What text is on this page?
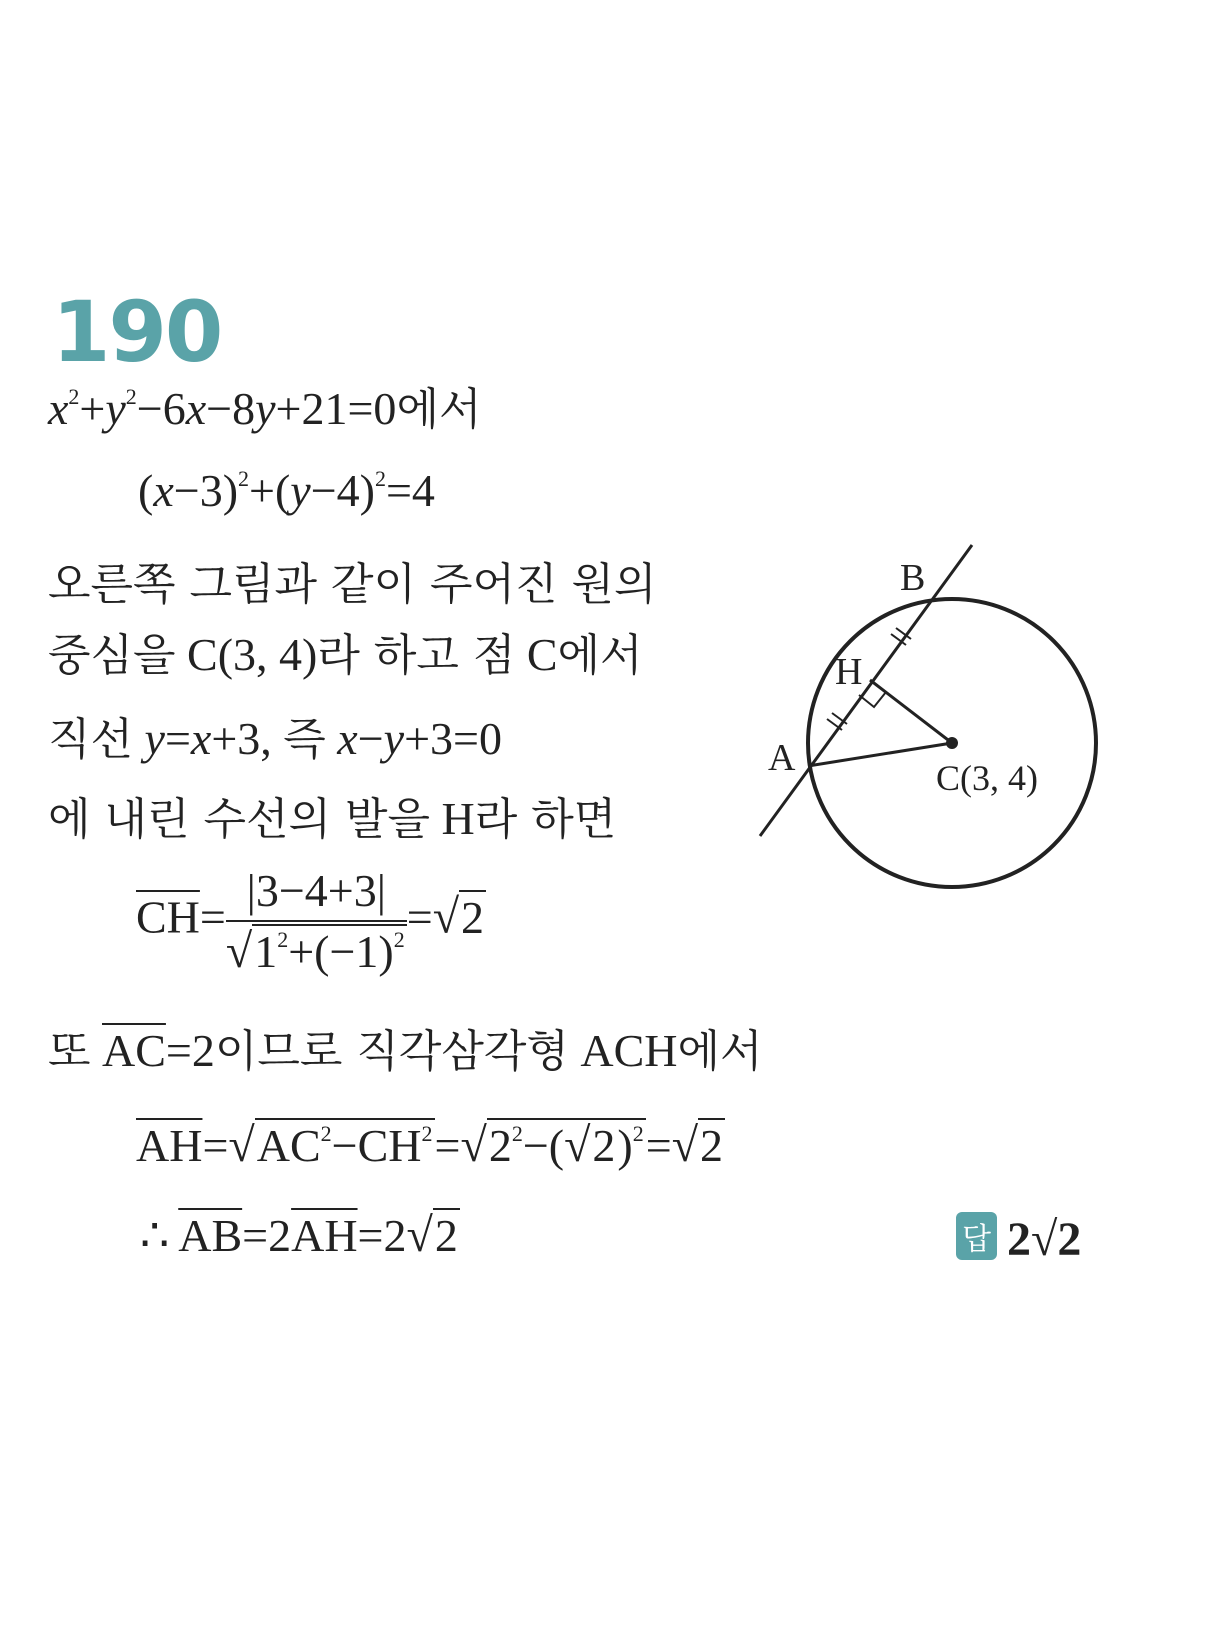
190
$x^2+y^2-6x-8y+21=0$에서
$(x-3)^2+(y-4)^2=4$
오른쪽 그림과 같이 주어진 원의
중심을 C(3, 4)라 하고 점 C에서
직선 y=x+3, 즉 x−y+3=0
에 내린 수선의 발을 H라 하면
$\overline{CH}= \frac{|3-4+3|}{√1^2+(-1)^2} =√2$
또 $\overline{AC}=2$이므로 직각삼각형 ACH에서
$\overline{AH}=√AC^2-\overline{CH}^2=√2^2-(√2)^2=√2$
∴ $\overline{AB}=2\overline{AH}=2√2$	답 2√2
B
H
A	C(3, 4)
